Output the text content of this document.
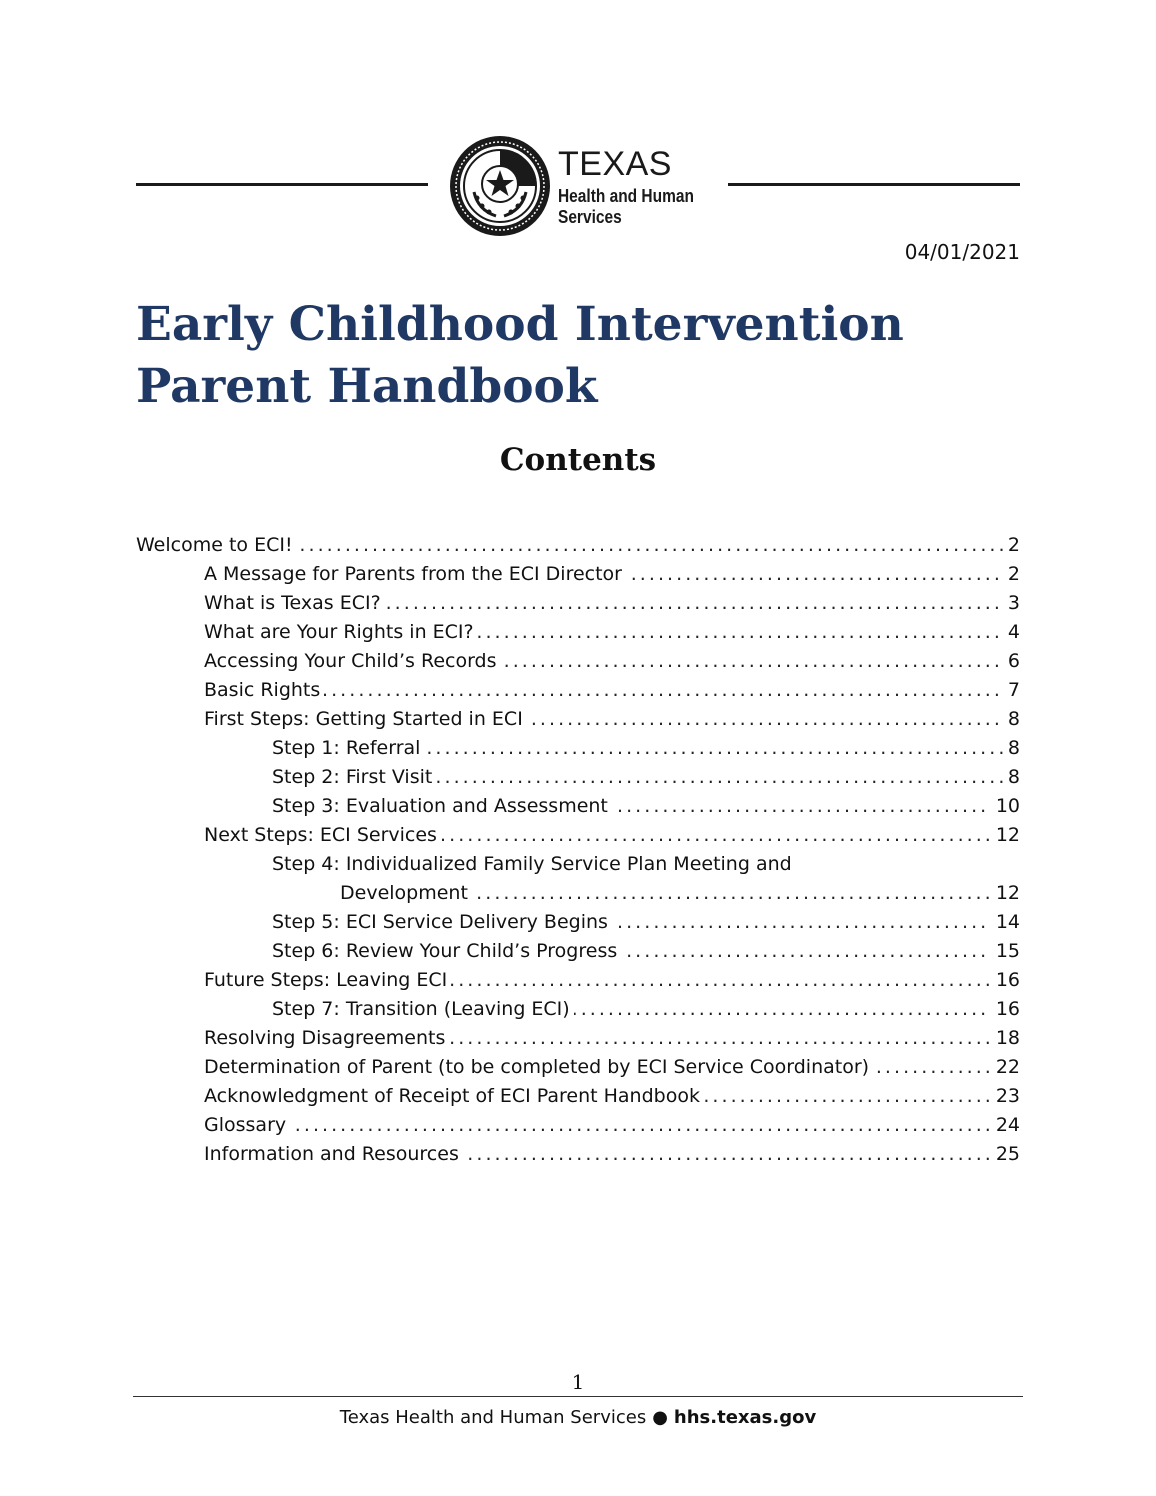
TEXAS
Health and Human
Services
04/01/2021
Early Childhood Intervention
Parent Handbook
Contents
. . . Welcome to ECI!	2
. . . A Message for Parents from the ECI Director	2
. . . What is Texas ECI?	3
. . . What are Your Rights in ECI?	4
. . . Accessing Your Child’s Records	6
. . . Basic Rights	7
. . . First Steps: Getting Started in ECI	8
. . . Step 1: Referral	8
. . . Step 2: First Visit	8
. . . Step 3: Evaluation and Assessment	10
. . . Next Steps: ECI Services	12
Step 4: Individualized Family Service Plan Meeting and
. . . Development	12
. . . Step 5: ECI Service Delivery Begins	14
. . . Step 6: Review Your Child’s Progress	15
. . . Future Steps: Leaving ECI	16
. . . Step 7: Transition (Leaving ECI)	16
. . . Resolving Disagreements	18
. . . Determination of Parent (to be completed by ECI Service Coordinator)	22
. . . Acknowledgment of Receipt of ECI Parent Handbook	23
. . . Glossary	24
. . . Information and Resources	25
1
Texas Health and Human Services ● hhs.texas.gov
